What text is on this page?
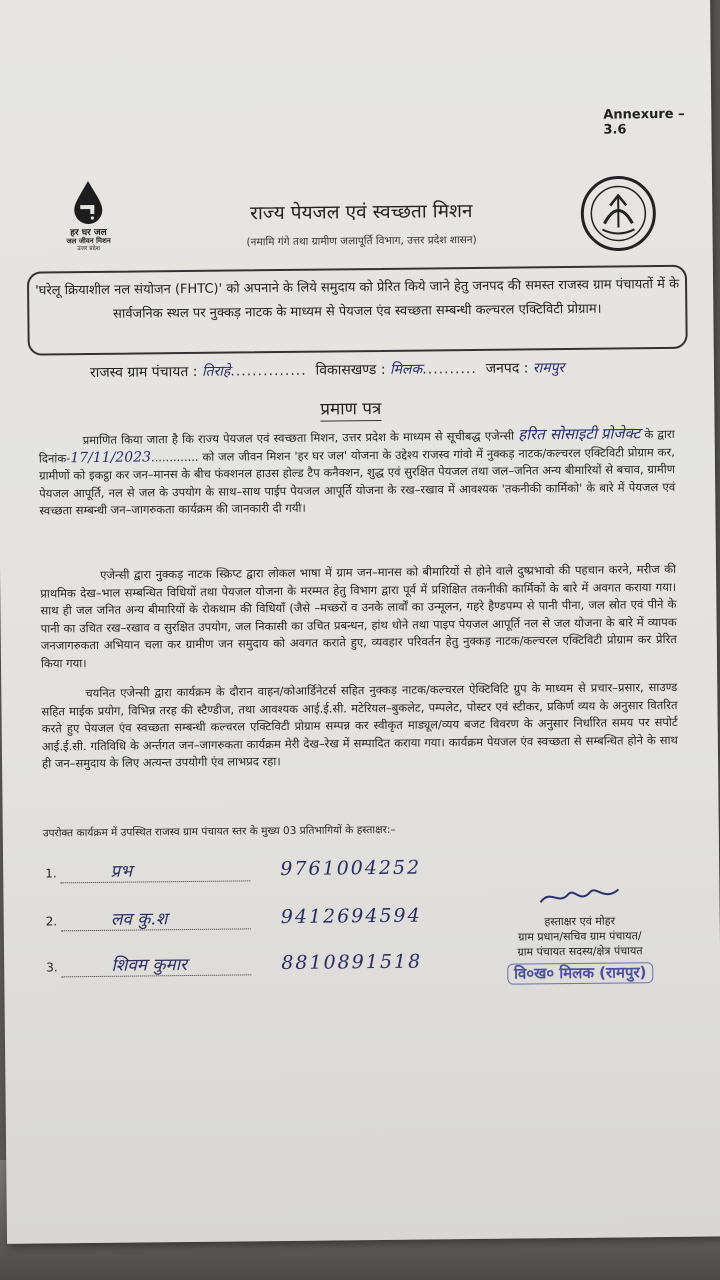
Annexure – 3.6
हर घर जल
जल जीवन मिशन
उत्तर प्रदेश
राज्य पेयजल एवं स्वच्छता मिशन
(नमामि गंगे तथा ग्रामीण जलापूर्ति विभाग, उत्तर प्रदेश शासन)
'घरेलू क्रियाशील नल संयोजन (FHTC)' को अपनाने के लिये समुदाय को प्रेरित किये जाने हेतु जनपद की समस्त राजस्व ग्राम पंचायतों में के सार्वजनिक स्थल पर नुक्कड़ नाटक के माध्यम से पेयजल एंव स्वच्छता सम्बन्धी कल्चरल एक्टिविटी प्रोग्राम।
राजस्व ग्राम पंचायत : तिराहे.............. विकासखण्ड : मिलक.......... जनपद : रामपुर
प्रमाण पत्र
प्रमाणित किया जाता है कि राज्य पेयजल एवं स्वच्छता मिशन, उत्तर प्रदेश के माध्यम से सूचीबद्ध एजेन्सी हरित सोसाइटी प्रोजेक्ट के द्वारा दिनांक-17/11/2023............. को जल जीवन मिशन 'हर घर जल' योजना के उद्देश्य राजस्व गांवो में नुक्कड़ नाटक/कल्चरल एक्टिविटी प्रोग्राम कर, ग्रामीणों को इकट्ठा कर जन–मानस के बीच फंक्शनल हाउस होल्ड टैप कनैक्शन, शुद्ध एवं सुरक्षित पेयजल तथा जल–जनित अन्य बीमारियों से बचाव, ग्रामीण पेयजल आपूर्ति, नल से जल के उपयोग के साथ–साथ पाईप पेयजल आपूर्ति योजना के रख–रखाव में आवश्यक 'तकनीकी कार्मिको' के बारे में पेयजल एवं स्वच्छता सम्बन्धी जन–जागरुकता कार्यक्रम की जानकारी दी गयी।
एजेन्सी द्वारा नुक्कड़ नाटक स्क्रिप्ट द्वारा लोकल भाषा में ग्राम जन–मानस को बीमारियों से होने वाले दुष्प्रभावो की पहचान करने, मरीज की प्राथमिक देख–भाल सम्बन्धित विधियों तथा पेयजल योजना के मरम्मत हेतु विभाग द्वारा पूर्व में प्रशिक्षित तकनीकी कार्मिकों के बारे में अवगत कराया गया। साथ ही जल जनित अन्य बीमारियों के रोकथाम की विधियाँ (जैसे –मच्छरों व उनके लार्वों का उन्मूलन, गहरे हैण्डपम्प से पानी पीना, जल स्रोत एवं पीने के पानी का उचित रख–रखाव व सुरक्षित उपयोग, जल निकासी का उचित प्रबन्धन, हांथ धोने तथा पाइप पेयजल आपूर्ति नल से जल योजना के बारे में व्यापक जनजागरुकता अभियान चला कर ग्रामीण जन समुदाय को अवगत कराते हुए, व्यवहार परिवर्तन हेतु नुक्कड़ नाटक/कल्चरल एक्टिविटी प्रोग्राम कर प्रेरित किया गया।
चयनित एजेन्सी द्वारा कार्यक्रम के दौरान वाहन/कोआर्डिनेटर्स सहित नुक्कड़ नाटक/कल्चरल ऐक्टिविटि ग्रुप के माध्यम से प्रचार–प्रसार, साउण्ड सहित माईक प्रयोग, विभिन्न तरह की स्टैण्डीज, तथा आवश्यक आई.ई.सी. मटेरियल–बुकलेट, पम्पलेट, पोस्टर एवं स्टीकर, प्रकिर्ण व्यय के अनुसार वितरित करते हुए पेयजल एंव स्वच्छता सम्बन्धी कल्चरल एक्टिविटी प्रोग्राम सम्पन्न कर स्वीकृत माड्यूल/व्यय बजट विवरण के अनुसार निर्धारित समय पर सपोर्ट आई.ई.सी. गतिविधि के अर्न्तगत जन–जागरुकता कार्यक्रम मेरी देख–रेख में सम्पादित कराया गया। कार्यक्रम पेयजल एंव स्वच्छता से सम्बन्धित होने के साथ ही जन–समुदाय के लिए अत्यन्त उपयोगी एंव लाभप्रद रहा।
उपरोक्त कार्यक्रम में उपस्थित राजस्व ग्राम पंचायत स्तर के मुख्य 03 प्रतिभागियों के हस्ताक्षर:–
1.	प्रभ	9761004252
2.	लव कु.श	9412694594
3.	शिवम कुमार	8810891518
हस्ताक्षर एवं मोहर
ग्राम प्रधान/सचिव ग्राम पंचायत/
ग्राम पंचायत सदस्य/क्षेत्र पंचायत
वि०ख० मिलक (रामपुर)
